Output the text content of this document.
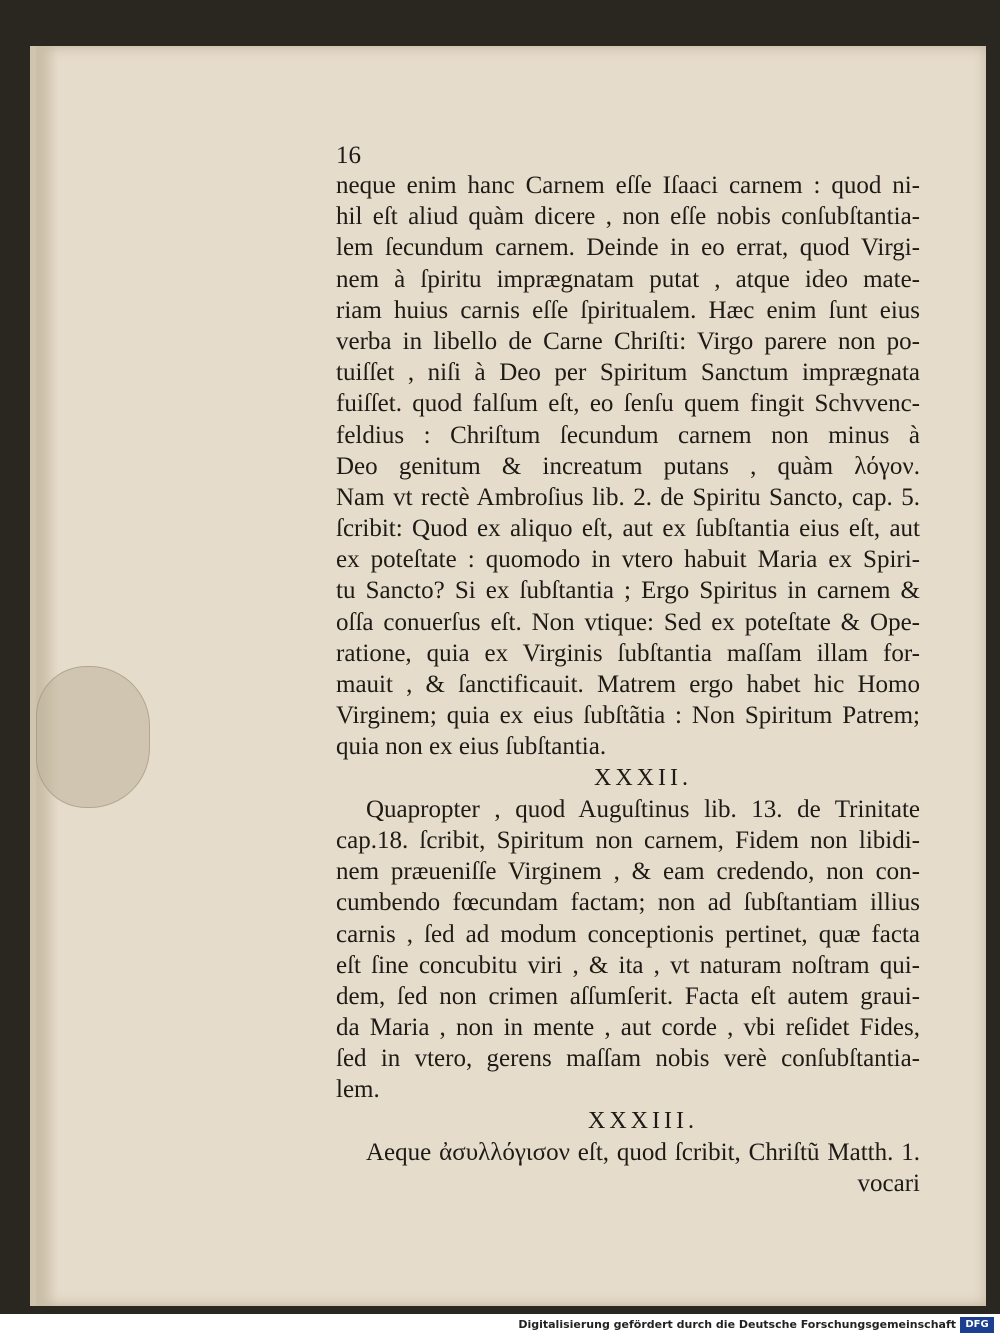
16
neque enim hanc Carnem eſſe Iſaaci carnem : quod ni-
hil eſt aliud quàm dicere , non eſſe nobis conſubſtantia-
lem ſecundum carnem. Deinde in eo errat, quod Virgi-
nem à ſpiritu imprægnatam putat , atque ideo mate-
riam huius carnis eſſe ſpiritualem. Hæc enim ſunt eius
verba in libello de Carne Chriſti: Virgo parere non po-
tuiſſet , niſi à Deo per Spiritum Sanctum imprægnata
fuiſſet. quod falſum eſt, eo ſenſu quem fingit Schvvenc-
feldius : Chriſtum ſecundum carnem non minus à
Deo genitum & increatum putans , quàm λόγον.
Nam vt rectè Ambroſius lib. 2. de Spiritu Sancto, cap. 5.
ſcribit: Quod ex aliquo eſt, aut ex ſubſtantia eius eſt, aut
ex poteſtate : quomodo in vtero habuit Maria ex Spiri-
tu Sancto? Si ex ſubſtantia ; Ergo Spiritus in carnem &
oſſa conuerſus eſt. Non vtique: Sed ex poteſtate & Ope-
ratione, quia ex Virginis ſubſtantia maſſam illam for-
mauit , & ſanctificauit. Matrem ergo habet hic Homo
Virginem; quia ex eius ſubſtãtia : Non Spiritum Patrem;
quia non ex eius ſubſtantia.
XXXII.
Quapropter , quod Auguſtinus lib. 13. de Trinitate
cap.18. ſcribit, Spiritum non carnem, Fidem non libidi-
nem præueniſſe Virginem , & eam credendo, non con-
cumbendo fœcundam factam; non ad ſubſtantiam illius
carnis , ſed ad modum conceptionis pertinet, quæ facta
eſt ſine concubitu viri , & ita , vt naturam noſtram qui-
dem, ſed non crimen aſſumſerit. Facta eſt autem graui-
da Maria , non in mente , aut corde , vbi reſidet Fides,
ſed in vtero, gerens maſſam nobis verè conſubſtantia-
lem.
XXXIII.
Aeque ἀσυλλόγισον eſt, quod ſcribit, Chriſtũ Matth. 1.
vocari
Digitalisierung gefördert durch die Deutsche Forschungsgemeinschaft DFG
